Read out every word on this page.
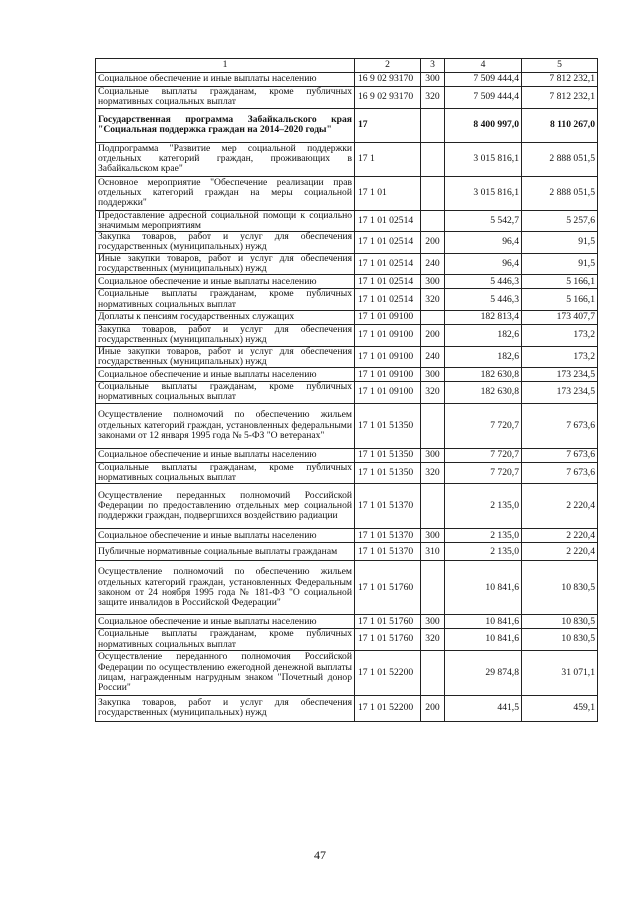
1	2	3	4	5
Социальное обеспечение и иные выплаты населению	16 9 02 93170	300	7 509 444,4	7 812 232,1
Социальные выплаты гражданам, кроме публичных нормативных социальных выплат	16 9 02 93170	320	7 509 444,4	7 812 232,1
Государственная программа Забайкальского края "Социальная поддержка граждан на 2014–2020 годы"	17		8 400 997,0	8 110 267,0
Подпрограмма "Развитие мер социальной поддержки отдельных категорий граждан, проживающих в Забайкальском крае"	17 1		3 015 816,1	2 888 051,5
Основное мероприятие "Обеспечение реализации прав отдельных категорий граждан на меры социальной поддержки"	17 1 01		3 015 816,1	2 888 051,5
Предоставление адресной социальной помощи к социально значимым мероприятиям	17 1 01 02514		5 542,7	5 257,6
Закупка товаров, работ и услуг для обеспечения государственных (муниципальных) нужд	17 1 01 02514	200	96,4	91,5
Иные закупки товаров, работ и услуг для обеспечения государственных (муниципальных) нужд	17 1 01 02514	240	96,4	91,5
Социальное обеспечение и иные выплаты населению	17 1 01 02514	300	5 446,3	5 166,1
Социальные выплаты гражданам, кроме публичных нормативных социальных выплат	17 1 01 02514	320	5 446,3	5 166,1
Доплаты к пенсиям государственных служащих	17 1 01 09100		182 813,4	173 407,7
Закупка товаров, работ и услуг для обеспечения государственных (муниципальных) нужд	17 1 01 09100	200	182,6	173,2
Иные закупки товаров, работ и услуг для обеспечения государственных (муниципальных) нужд	17 1 01 09100	240	182,6	173,2
Социальное обеспечение и иные выплаты населению	17 1 01 09100	300	182 630,8	173 234,5
Социальные выплаты гражданам, кроме публичных нормативных социальных выплат	17 1 01 09100	320	182 630,8	173 234,5
Осуществление полномочий по обеспечению жильем отдельных категорий граждан, установленных федеральными законами от 12 января 1995 года № 5-ФЗ "О ветеранах"	17 1 01 51350		7 720,7	7 673,6
Социальное обеспечение и иные выплаты населению	17 1 01 51350	300	7 720,7	7 673,6
Социальные выплаты гражданам, кроме публичных нормативных социальных выплат	17 1 01 51350	320	7 720,7	7 673,6
Осуществление переданных полномочий Российской Федерации по предоставлению отдельных мер социальной поддержки граждан, подвергшихся воздействию радиации	17 1 01 51370		2 135,0	2 220,4
Социальное обеспечение и иные выплаты населению	17 1 01 51370	300	2 135,0	2 220,4
Публичные нормативные социальные выплаты гражданам	17 1 01 51370	310	2 135,0	2 220,4
Осуществление полномочий по обеспечению жильем отдельных категорий граждан, установленных Федеральным законом от 24 ноября 1995 года № 181-ФЗ "О социальной защите инвалидов в Российской Федерации"	17 1 01 51760		10 841,6	10 830,5
Социальное обеспечение и иные выплаты населению	17 1 01 51760	300	10 841,6	10 830,5
Социальные выплаты гражданам, кроме публичных нормативных социальных выплат	17 1 01 51760	320	10 841,6	10 830,5
Осуществление переданного полномочия Российской Федерации по осуществлению ежегодной денежной выплаты лицам, награжденным нагрудным знаком "Почетный донор России"	17 1 01 52200		29 874,8	31 071,1
Закупка товаров, работ и услуг для обеспечения государственных (муниципальных) нужд	17 1 01 52200	200	441,5	459,1
47
